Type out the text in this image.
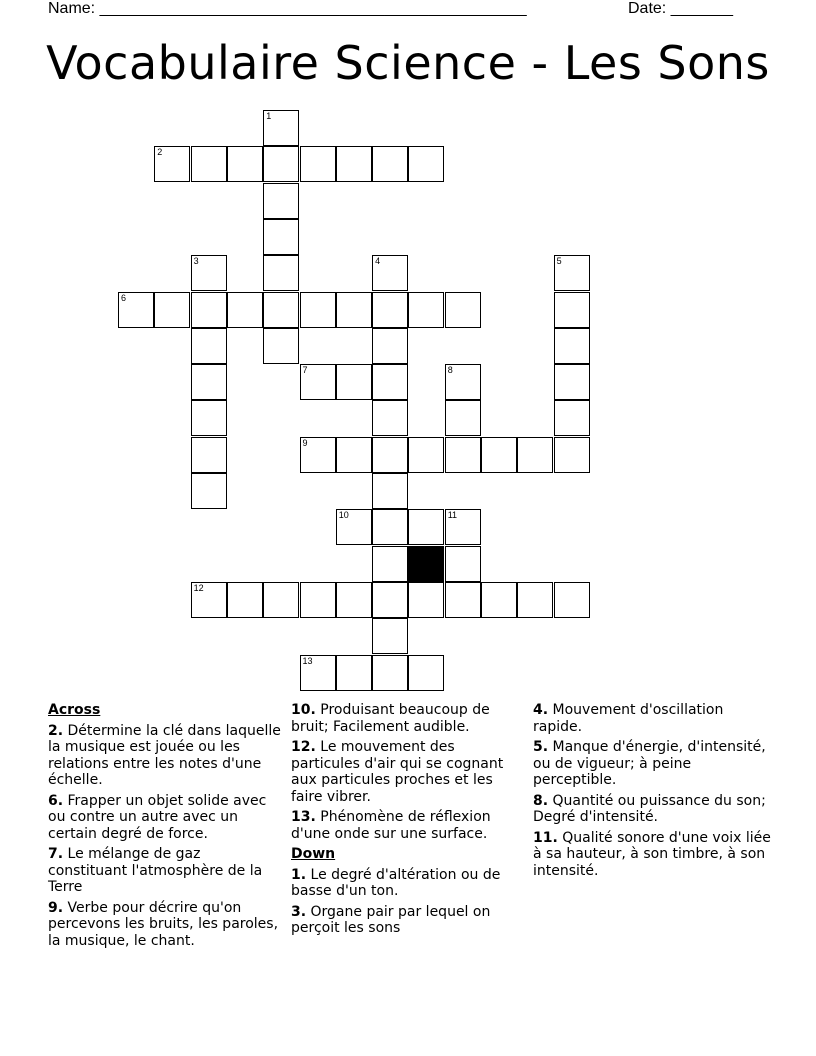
Name: ________________________________________________	Date: _______
Vocabulaire Science - Les Sons
2
6
7
9
10	11
12
13
1
3	4	5
8
Across
2. Détermine la clé dans laquelle la musique est jouée ou les relations entre les notes d'une échelle.
6. Frapper un objet solide avec ou contre un autre avec un certain degré de force.
7. Le mélange de gaz constituant l'atmosphère de la Terre
9. Verbe pour décrire qu'on percevons les bruits, les paroles, la musique, le chant.
10. Produisant beaucoup de bruit; Facilement audible.
12. Le mouvement des particules d'air qui se cognant aux particules proches et les faire vibrer.
13. Phénomène de réflexion d'une onde sur une surface.
Down
1. Le degré d'altération ou de basse d'un ton.
3. Organe pair par lequel on perçoit les sons
4. Mouvement d'oscillation rapide.
5. Manque d'énergie, d'intensité, ou de vigueur; à peine perceptible.
8. Quantité ou puissance du son; Degré d'intensité.
11. Qualité sonore d'une voix liée à sa hauteur, à son timbre, à son intensité.
